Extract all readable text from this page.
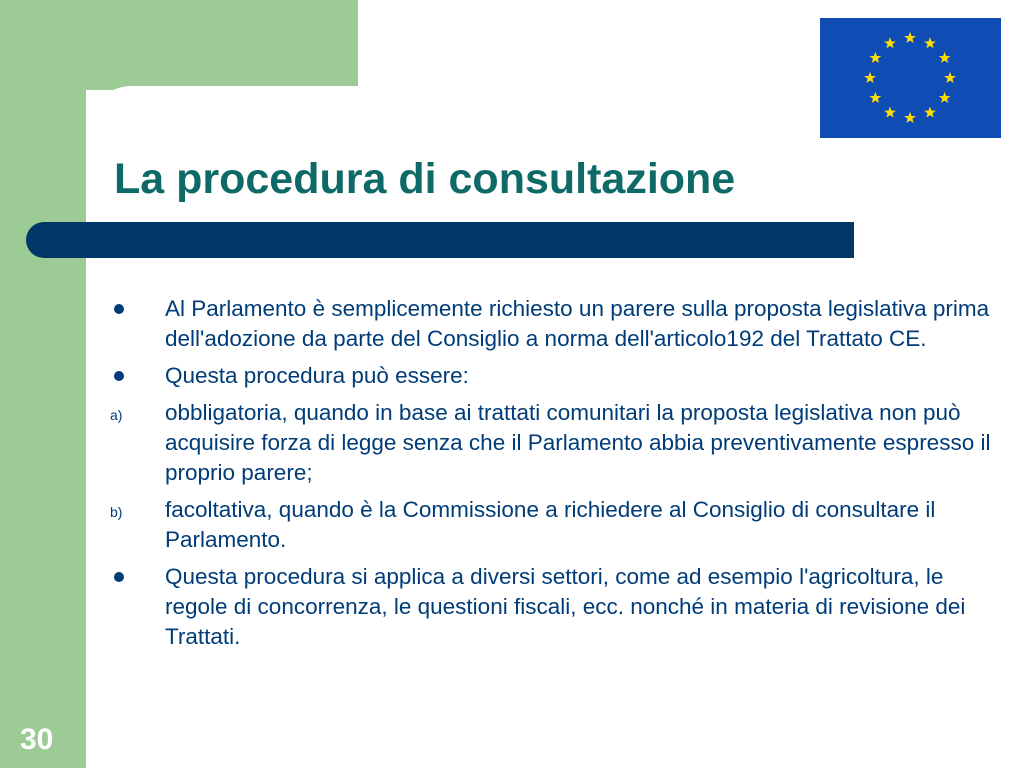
La procedura di consultazione
Al Parlamento è semplicemente richiesto un parere sulla proposta legislativa prima dell'adozione da parte del Consiglio a norma dell'articolo192 del Trattato CE.
Questa procedura può essere:
a) obbligatoria, quando in base ai trattati comunitari la proposta legislativa non può acquisire forza di legge senza che il Parlamento abbia preventivamente espresso il proprio parere;
b) facoltativa, quando è la Commissione a richiedere al Consiglio di consultare il Parlamento.
Questa procedura si applica a diversi settori, come ad esempio l'agricoltura, le regole di concorrenza, le questioni fiscali, ecc. nonché in materia di revisione dei Trattati.
30
